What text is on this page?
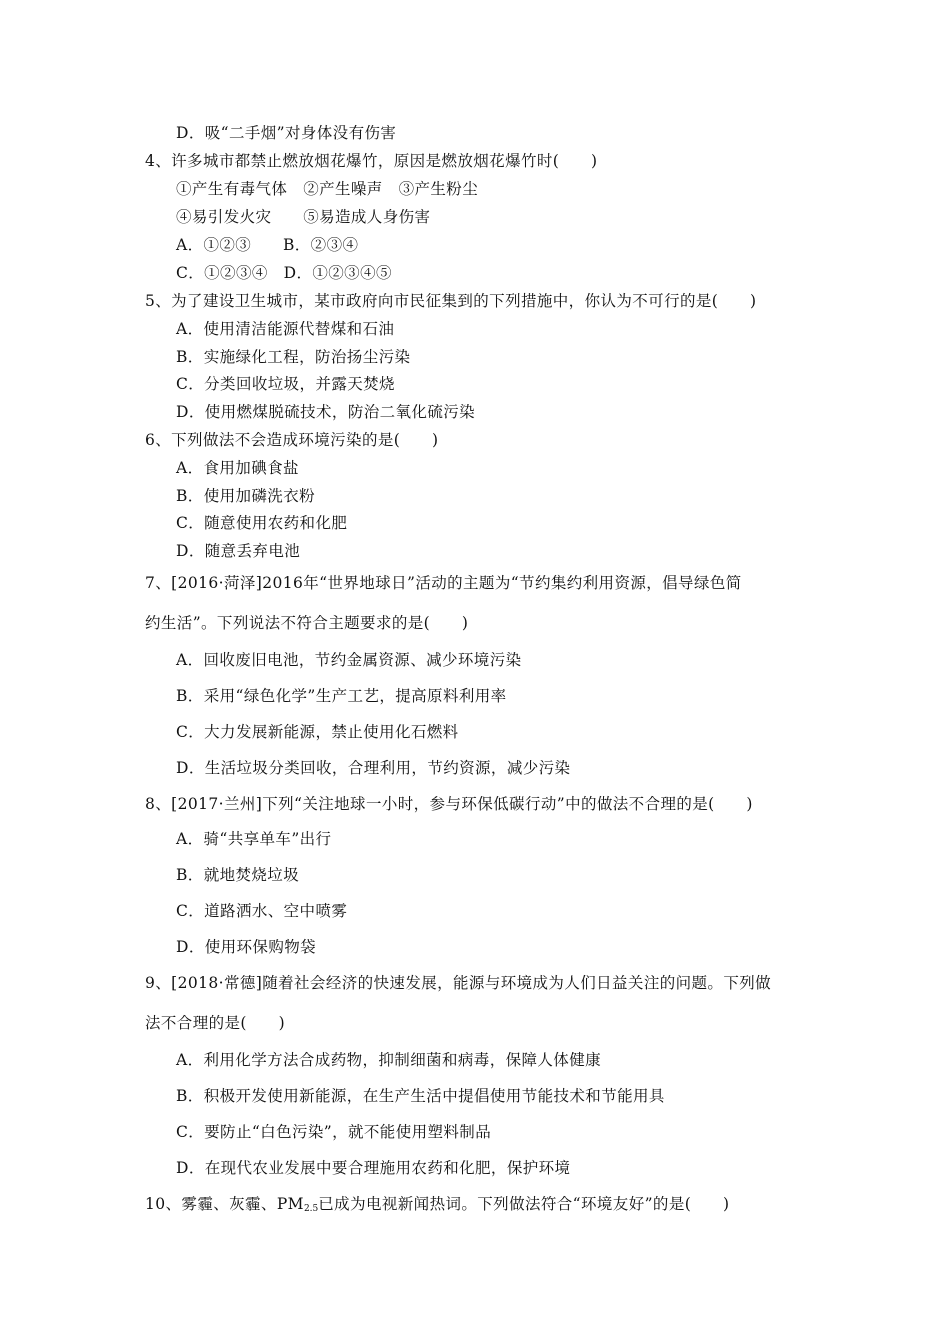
D．吸“二手烟”对身体没有伤害
4、许多城市都禁止燃放烟花爆竹，原因是燃放烟花爆竹时(　　)
①产生有毒气体　②产生噪声　③产生粉尘
④易引发火灾　　⑤易造成人身伤害
A．①②③　　B．②③④
C．①②③④　D．①②③④⑤
5、为了建设卫生城市，某市政府向市民征集到的下列措施中，你认为不可行的是(　　)
A．使用清洁能源代替煤和石油
B．实施绿化工程，防治扬尘污染
C．分类回收垃圾，并露天焚烧
D．使用燃煤脱硫技术，防治二氧化硫污染
6、下列做法不会造成环境污染的是(　　)
A．食用加碘食盐
B．使用加磷洗衣粉
C．随意使用农药和化肥
D．随意丢弃电池
7、[2016·菏泽]2016年“世界地球日”活动的主题为“节约集约利用资源，倡导绿色简
约生活”。下列说法不符合主题要求的是(　　)
A．回收废旧电池，节约金属资源、减少环境污染
B．采用“绿色化学”生产工艺，提高原料利用率
C．大力发展新能源，禁止使用化石燃料
D．生活垃圾分类回收，合理利用，节约资源，减少污染
8、[2017·兰州]下列“关注地球一小时，参与环保低碳行动”中的做法不合理的是(　　)
A．骑“共享单车”出行
B．就地焚烧垃圾
C．道路洒水、空中喷雾
D．使用环保购物袋
9、[2018·常德]随着社会经济的快速发展，能源与环境成为人们日益关注的问题。下列做
法不合理的是(　　)
A．利用化学方法合成药物，抑制细菌和病毒，保障人体健康
B．积极开发使用新能源，在生产生活中提倡使用节能技术和节能用具
C．要防止“白色污染”，就不能使用塑料制品
D．在现代农业发展中要合理施用农药和化肥，保护环境
10、雾霾、灰霾、$PM_{2.5}$已成为电视新闻热词。下列做法符合“环境友好”的是(　　)
